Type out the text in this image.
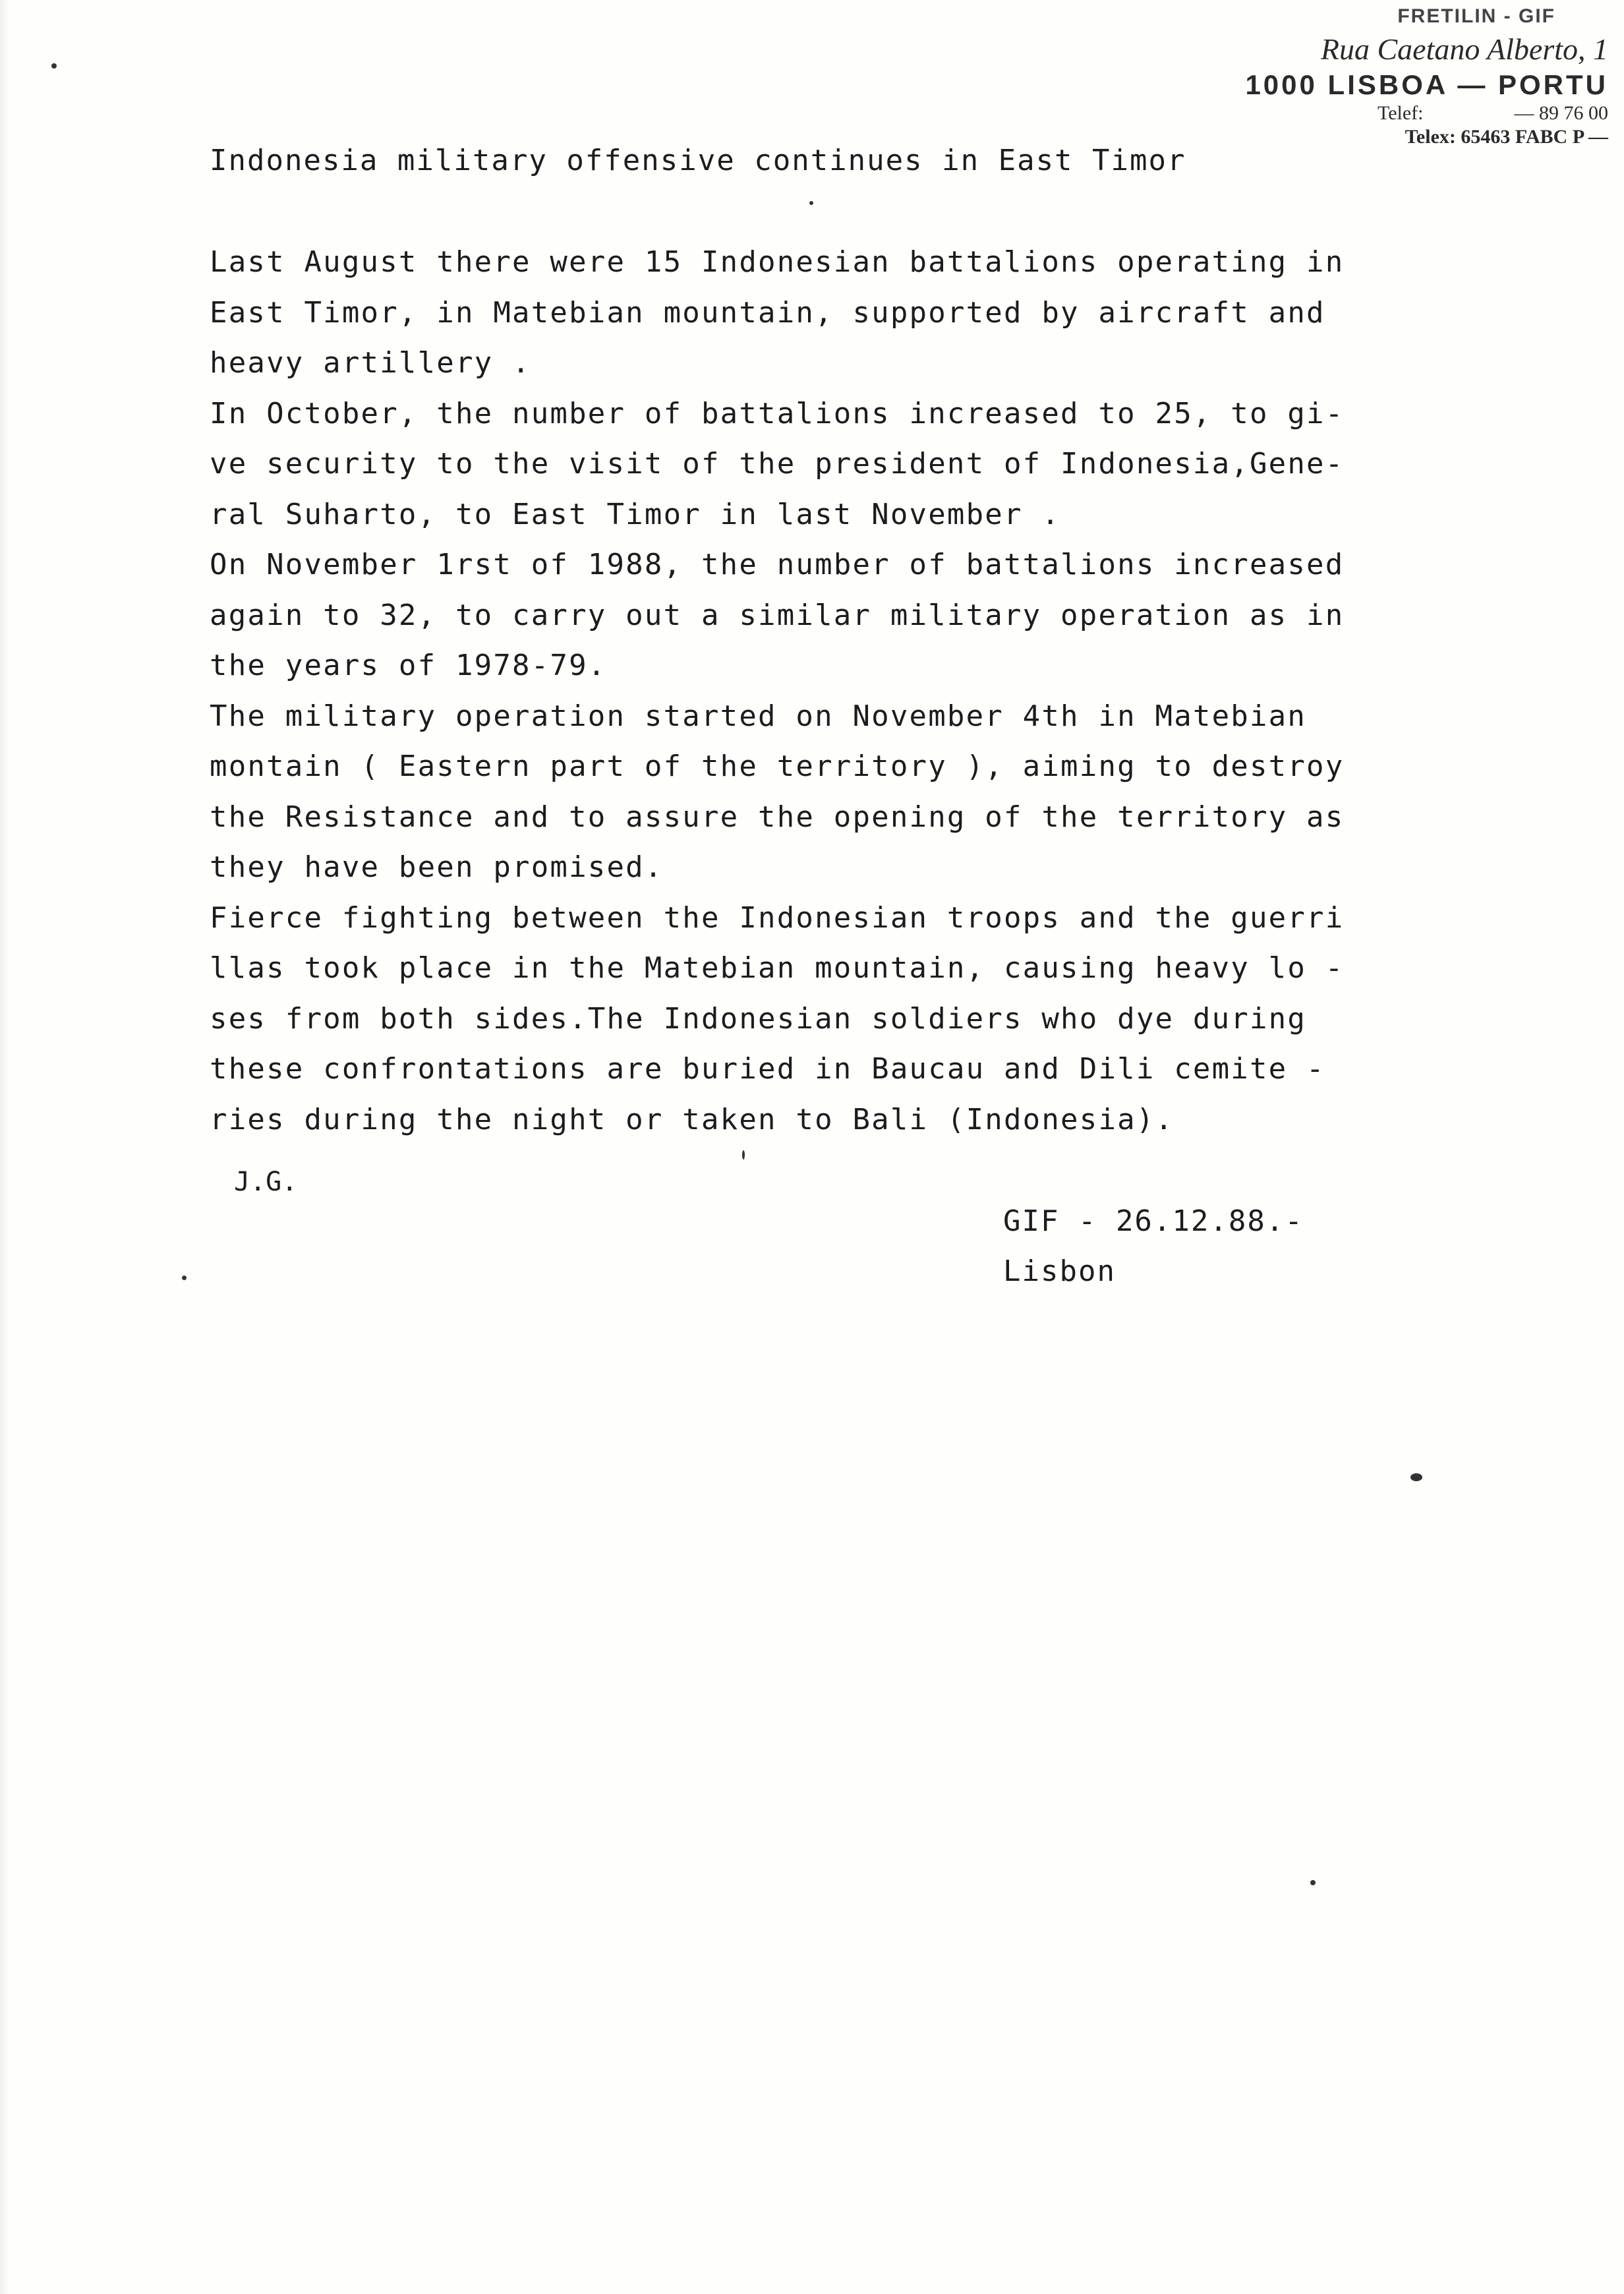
FRETILIN - GIF
Rua Caetano Alberto, 1
1000 LISBOA — PORTU
Telef:	— 89 76 00
Telex: 65463 FABC P —
Indonesia military offensive continues in East Timor
Last August there were 15 Indonesian battalions operating in
East Timor, in Matebian mountain, supported by aircraft and
heavy artillery .
In October, the number of battalions increased to 25, to gi-
ve security to the visit of the president of Indonesia,Gene-
ral Suharto, to East Timor in last November .
On November 1rst of 1988, the number of battalions increased
again to 32, to carry out a similar military operation as in
the years of 1978-79.
The military operation started on November 4th in Matebian
montain ( Eastern part of the territory ), aiming to destroy
the Resistance and to assure the opening of the territory as
they have been promised.
Fierce fighting between the Indonesian troops and the guerri
llas took place in the Matebian mountain, causing heavy lo -
ses from both sides.The Indonesian soldiers who dye during
these confrontations are buried in Baucau and Dili cemite -
ries during the night or taken to Bali (Indonesia).
J.G.
GIF - 26.12.88.-
Lisbon
